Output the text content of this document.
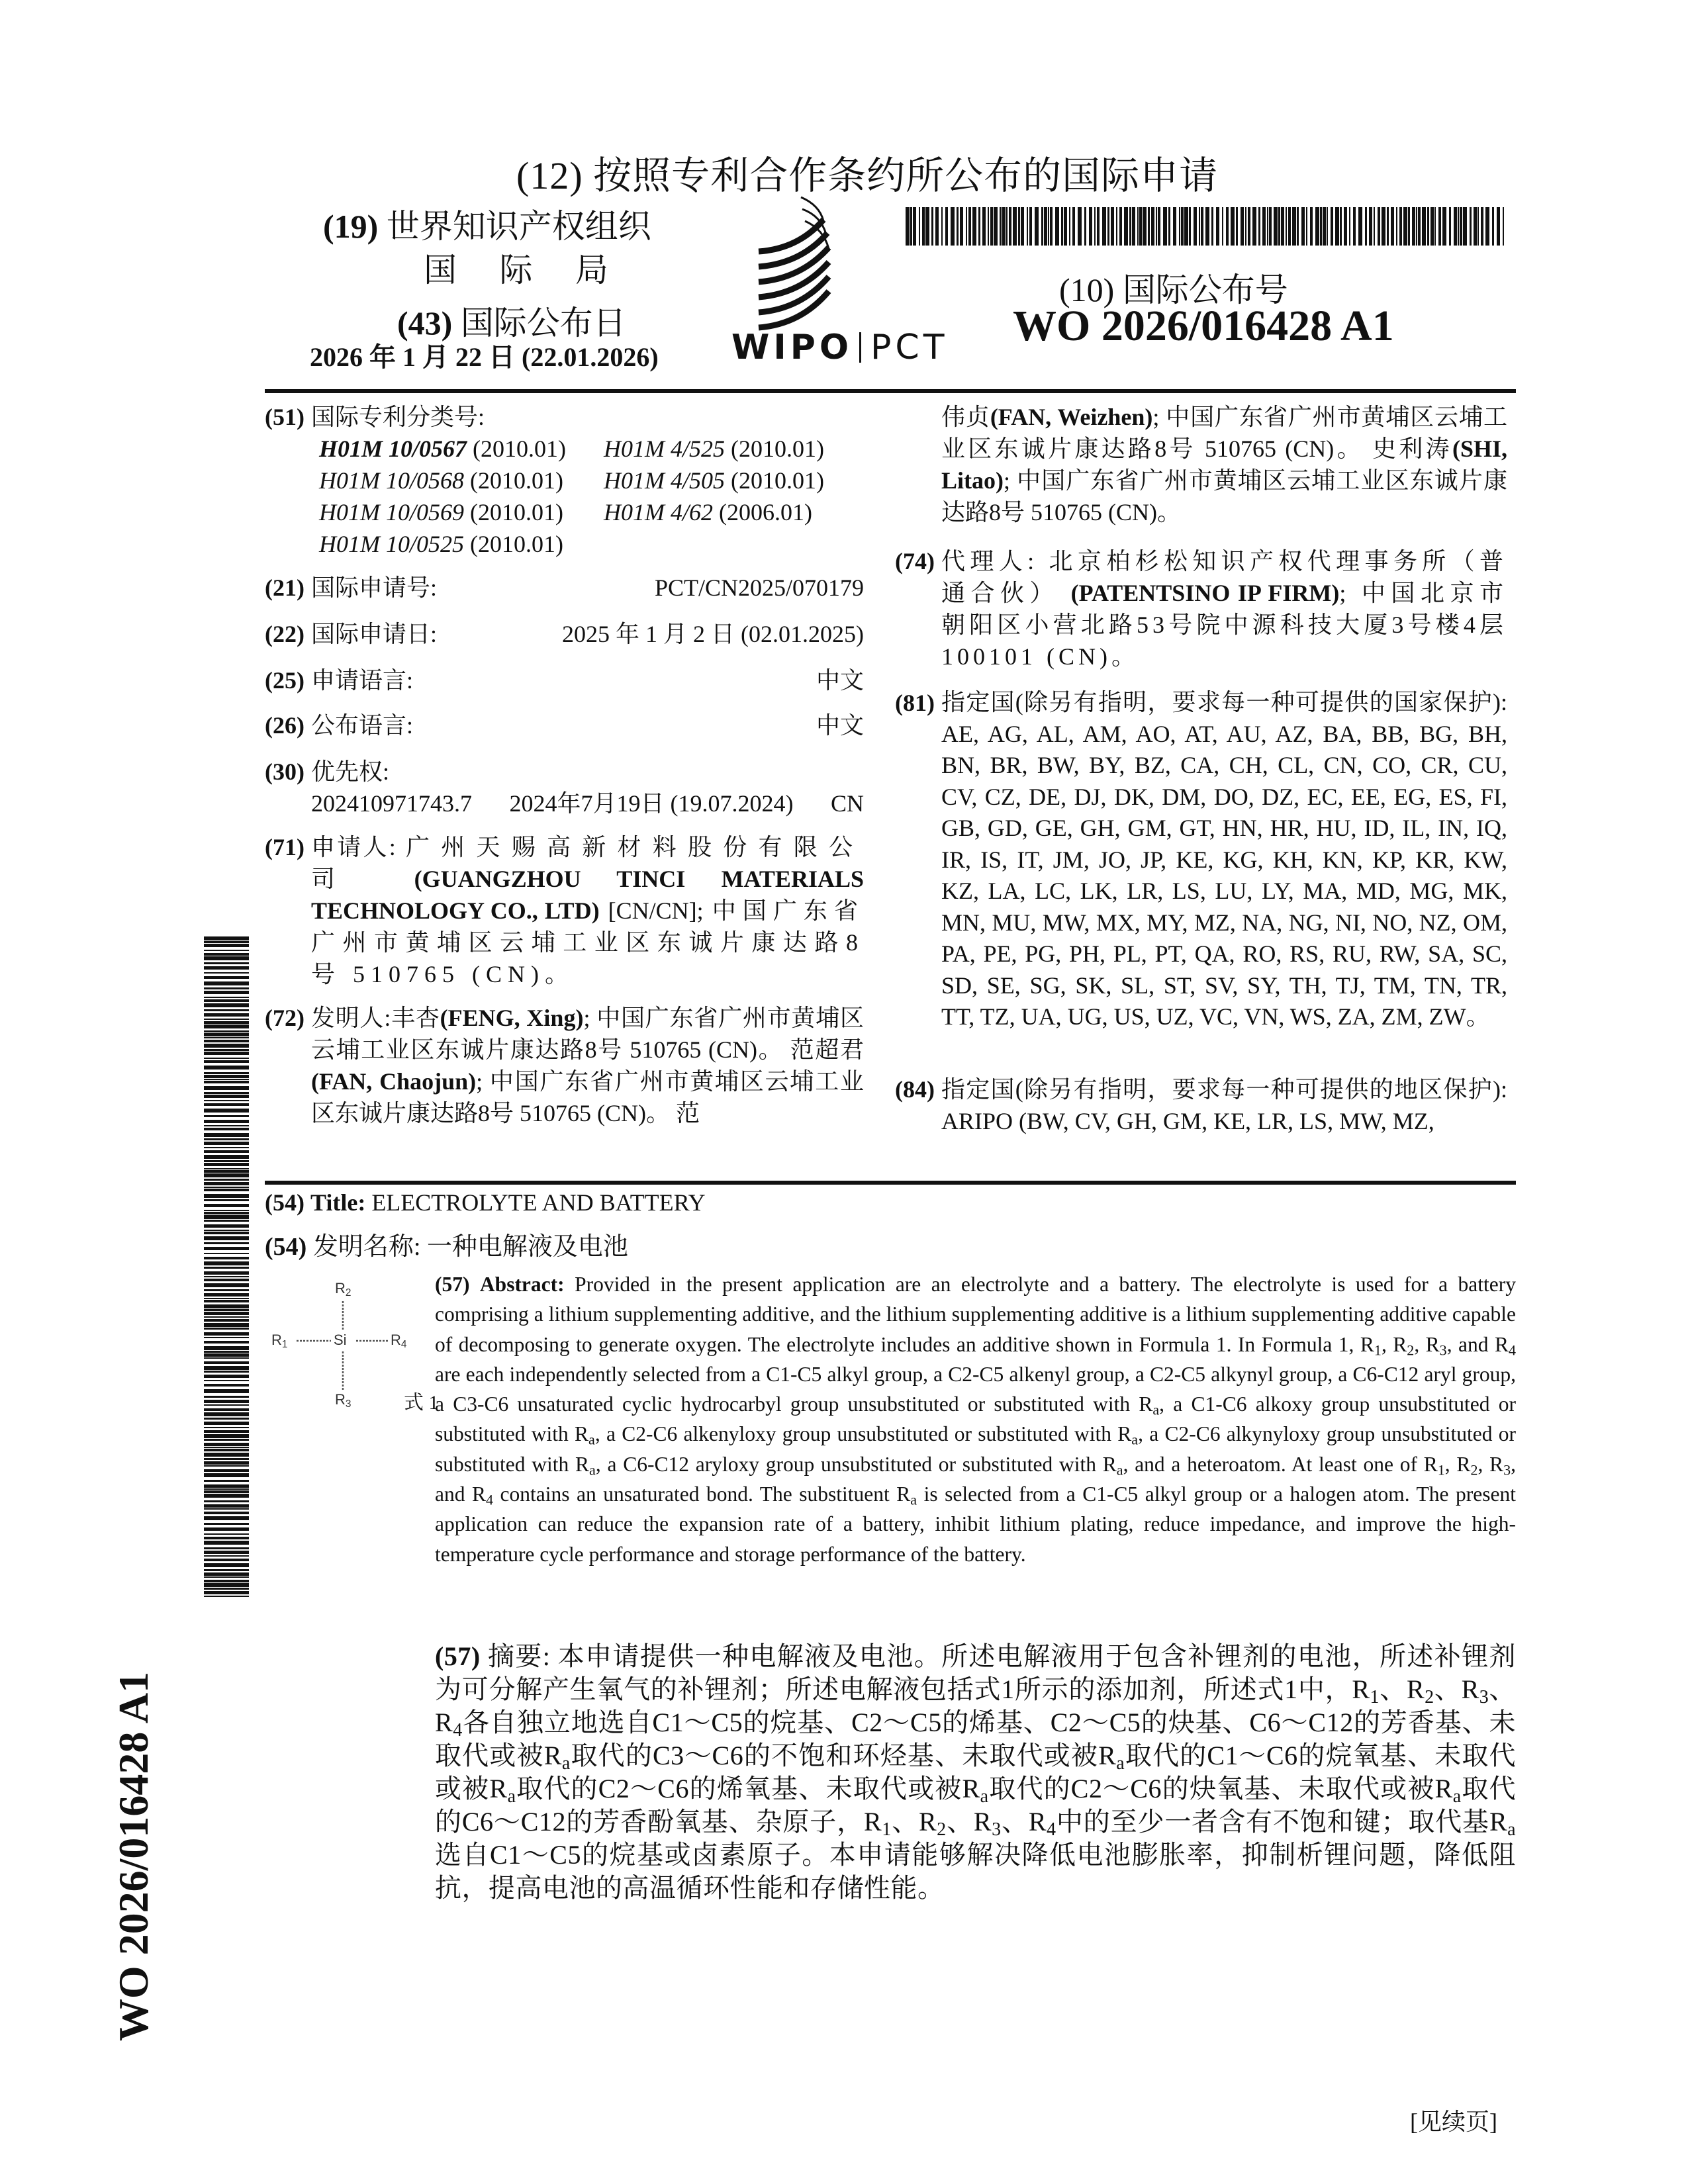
(12) 按照专利合作条约所公布的国际申请
(19) 世界知识产权组织
国 际 局
(43) 国际公布日
2026 年 1 月 22 日 (22.01.2026) WIPO PCT
(10) 国际公布号
WO 2026/016428 A1
(51) 国际专利分类号:
H01M 10/0567 (2010.01)	H01M 4/525 (2010.01)
H01M 10/0568 (2010.01)	H01M 4/505 (2010.01)
H01M 10/0569 (2010.01)	H01M 4/62 (2006.01)
H01M 10/0525 (2010.01)
(21) 国际申请号:	PCT/CN2025/070179
(22) 国际申请日:	2025 年 1 月 2 日 (02.01.2025)
(25) 申请语言:	中文
(26) 公布语言:	中文
(30) 优先权:
202410971743.7 2024年7月19日 (19.07.2024) CN
(71) 申请人: 广州天赐高新材料股份有限公司 (GUANGZHOU TINCI MATERIALS TECHNOLOGY CO., LTD) [CN/CN]; 中国广东省广州市黄埔区云埔工业区东诚片康达路8号 510765 (CN)。
(72) 发明人:丰杏(FENG, Xing); 中国广东省广州市黄埔区云埔工业区东诚片康达路8号 510765 (CN)。 范超君(FAN, Chaojun); 中国广东省广州市黄埔区云埔工业区东诚片康达路8号 510765 (CN)。 范
伟贞(FAN, Weizhen); 中国广东省广州市黄埔区云埔工业区东诚片康达路8号 510765 (CN)。 史利涛(SHI, Litao); 中国广东省广州市黄埔区云埔工业区东诚片康达路8号 510765 (CN)。
(74) 代理人: 北京柏杉松知识产权代理事务所（普通合伙） (PATENTSINO IP FIRM); 中国北京市朝阳区小营北路53号院中源科技大厦3号楼4层 100101 (CN)。
(81) 指定国(除另有指明，要求每一种可提供的国家保护): AE, AG, AL, AM, AO, AT, AU, AZ, BA, BB, BG, BH, BN, BR, BW, BY, BZ, CA, CH, CL, CN, CO, CR, CU, CV, CZ, DE, DJ, DK, DM, DO, DZ, EC, EE, EG, ES, FI, GB, GD, GE, GH, GM, GT, HN, HR, HU, ID, IL, IN, IQ, IR, IS, IT, JM, JO, JP, KE, KG, KH, KN, KP, KR, KW, KZ, LA, LC, LK, LR, LS, LU, LY, MA, MD, MG, MK, MN, MU, MW, MX, MY, MZ, NA, NG, NI, NO, NZ, OM, PA, PE, PG, PH, PL, PT, QA, RO, RS, RU, RW, SA, SC, SD, SE, SG, SK, SL, ST, SV, SY, TH, TJ, TM, TN, TR, TT, TZ, UA, UG, US, UZ, VC, VN, WS, ZA, ZM, ZW。
(84) 指定国(除另有指明，要求每一种可提供的地区保护): ARIPO (BW, CV, GH, GM, KE, LR, LS, MW, MZ,
(54) Title: ELECTROLYTE AND BATTERY
(54) 发明名称: 一种电解液及电池
$R_2$
$R_1$	Si	$R_4$
$R_3$	式 1
(57) Abstract: Provided in the present application are an electrolyte and a battery. The electrolyte is used for a battery comprising a lithium supplementing additive, and the lithium supplementing additive is a lithium supplementing additive capable of decomposing to generate oxygen. The electrolyte includes an additive shown in Formula 1. In Formula 1, $R_1$, $R_2$, $R_3$, and $R_4$ are each independently selected from a C1-C5 alkyl group, a C2-C5 alkenyl group, a C2-C5 alkynyl group, a C6-C12 aryl group, a C3-C6 unsaturated cyclic hydrocarbyl group unsubstituted or substituted with $R_a$, a C1-C6 alkoxy group unsubstituted or substituted with $R_a$, a C2-C6 alkenyloxy group unsubstituted or substituted with $R_a$, a C2-C6 alkynyloxy group unsubstituted or substituted with $R_a$, a C6-C12 aryloxy group unsubstituted or substituted with $R_a$, and a heteroatom. At least one of $R_1$, $R_2$, $R_3$, and $R_4$ contains an unsaturated bond. The substituent $R_a$ is selected from a C1-C5 alkyl group or a halogen atom. The present application can reduce the expansion rate of a battery, inhibit lithium plating, reduce impedance, and improve the high-temperature cycle performance and storage performance of the battery.
(57) 摘要: 本申请提供一种电解液及电池。所述电解液用于包含补锂剂的电池，所述补锂剂为可分解产生氧气的补锂剂；所述电解液包括式1所示的添加剂，所述式1中，$R_1$、$R_2$、$R_3$、$R_4$各自独立地选自C1～C5的烷基、C2～C5的烯基、C2～C5的炔基、C6～C12的芳香基、未取代或被$R_a$取代的C3～C6的不饱和环烃基、未取代或被$R_a$取代的C1～C6的烷氧基、未取代或被$R_a$取代的C2～C6的烯氧基、未取代或被$R_a$取代的C2～C6的炔氧基、未取代或被$R_a$取代的C6～C12的芳香酚氧基、杂原子，$R_1$、$R_2$、$R_3$、$R_4$中的至少一者含有不饱和键；取代基$R_a$选自C1～C5的烷基或卤素原子。本申请能够解决降低电池膨胀率，抑制析锂问题，降低阻抗，提高电池的高温循环性能和存储性能。
WO 2026/016428 A1
[见续页]
